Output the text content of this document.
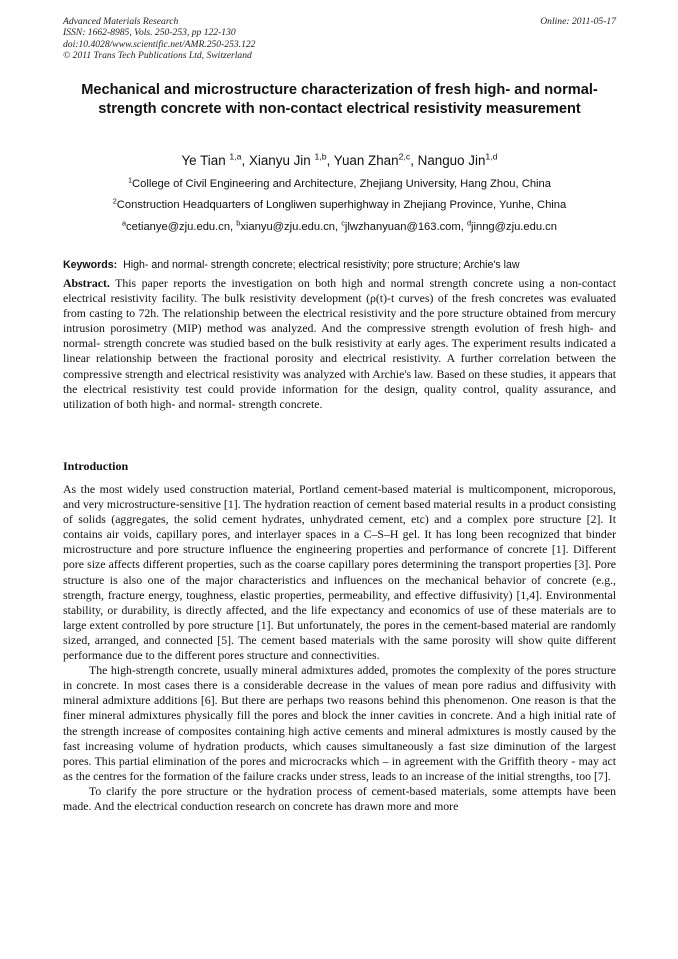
Advanced Materials Research
ISSN: 1662-8985, Vols. 250-253, pp 122-130
doi:10.4028/www.scientific.net/AMR.250-253.122
© 2011 Trans Tech Publications Ltd, Switzerland
Online: 2011-05-17
Mechanical and microstructure characterization of fresh high- and normal- strength concrete with non-contact electrical resistivity measurement
Ye Tian $^{1,a}$, Xianyu Jin $^{1,b}$, Yuan Zhan$^{2,c}$, Nanguo Jin$^{1,d}$
$^1$College of Civil Engineering and Architecture, Zhejiang University, Hang Zhou, China
$^2$Construction Headquarters of Longliwen superhighway in Zhejiang Province, Yunhe, China
$^a$cetianye@zju.edu.cn, $^b$xianyu@zju.edu.cn, $^c$jlwzhanyuan@163.com, $^d$jinng@zju.edu.cn
Keywords: High- and normal- strength concrete; electrical resistivity; pore structure; Archie's law

Abstract. This paper reports the investigation on both high and normal strength concrete using a non-contact electrical resistivity facility. The bulk resistivity development (ρ(t)-t curves) of the fresh concretes was evaluated from casting to 72h. The relationship between the electrical resistivity and the pore structure obtained from mercury intrusion porosimetry (MIP) method was analyzed. And the compressive strength evolution of fresh high- and normal- strength concrete was studied based on the bulk resistivity at early ages. The experiment results indicated a linear relationship between the fractional porosity and electrical resistivity. A further correlation between the compressive strength and electrical resistivity was analyzed with Archie's law. Based on these studies, it appears that the electrical resistivity test could provide information for the design, quality control, quality assurance, and utilization of both high- and normal- strength concrete.

Introduction

As the most widely used construction material, Portland cement-based material is multicomponent, microporous, and very microstructure-sensitive [1]. The hydration reaction of cement based material results in a product consisting of solids (aggregates, the solid cement hydrates, unhydrated cement, etc) and a complex pore structure [2]. It contains air voids, capillary pores, and interlayer spaces in a C–S–H gel. It has long been recognized that binder microstructure and pore structure influence the engineering properties and performance of concrete [1]. Different pore size affects different properties, such as the coarse capillary pores determining the transport properties [3]. Pore structure is also one of the major characteristics and influences on the mechanical behavior of concrete (e.g., strength, fracture energy, toughness, elastic properties, permeability, and effective diffusivity) [1,4]. Environmental stability, or durability, is directly affected, and the life expectancy and economics of use of these materials are to large extent controlled by pore structure [1]. But unfortunately, the pores in the cement-based material are randomly sized, arranged, and connected [5]. The cement based materials with the same porosity will show quite different performance due to the different pores structure and connectivities.

The high-strength concrete, usually mineral admixtures added, promotes the complexity of the pores structure in concrete. In most cases there is a considerable decrease in the values of mean pore radius and diffusivity with mineral admixture additions [6]. But there are perhaps two reasons behind this phenomenon. One reason is that the finer mineral admixtures physically fill the pores and block the inner cavities in concrete. And a high initial rate of the strength increase of composites containing high active cements and mineral admixtures is mostly caused by the fast increasing volume of hydration products, which causes simultaneously a fast size diminution of the largest pores. This partial elimination of the pores and microcracks which – in agreement with the Griffith theory - may act as the centres for the formation of the failure cracks under stress, leads to an increase of the initial strengths, too [7].

To clarify the pore structure or the hydration process of cement-based materials, some attempts have been made. And the electrical conduction research on concrete has drawn more and more
